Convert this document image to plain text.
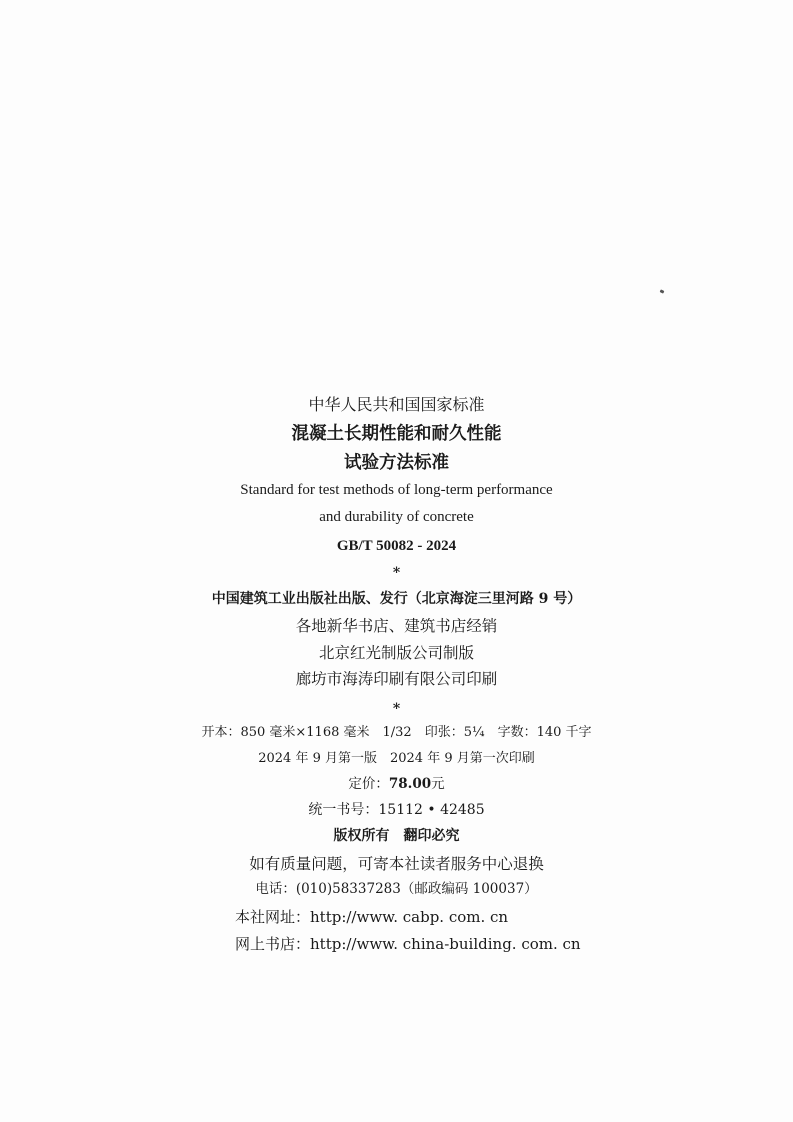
中华人民共和国国家标准
混凝土长期性能和耐久性能
试验方法标准
Standard for test methods of long-term performance
and durability of concrete
GB/T 50082 - 2024
*
中国建筑工业出版社出版、发行（北京海淀三里河路 9 号）
各地新华书店、建筑书店经销
北京红光制版公司制版
廊坊市海涛印刷有限公司印刷
*
开本：850 毫米×1168 毫米　1/32　印张：5¼　字数：140 千字
2024 年 9 月第一版　2024 年 9 月第一次印刷
定价：78.00元
统一书号：15112 • 42485
版权所有　翻印必究
如有质量问题，可寄本社读者服务中心退换
电话：(010)58337283（邮政编码 100037）
本社网址：http://www. cabp. com. cn
网上书店：http://www. china-building. com. cn
